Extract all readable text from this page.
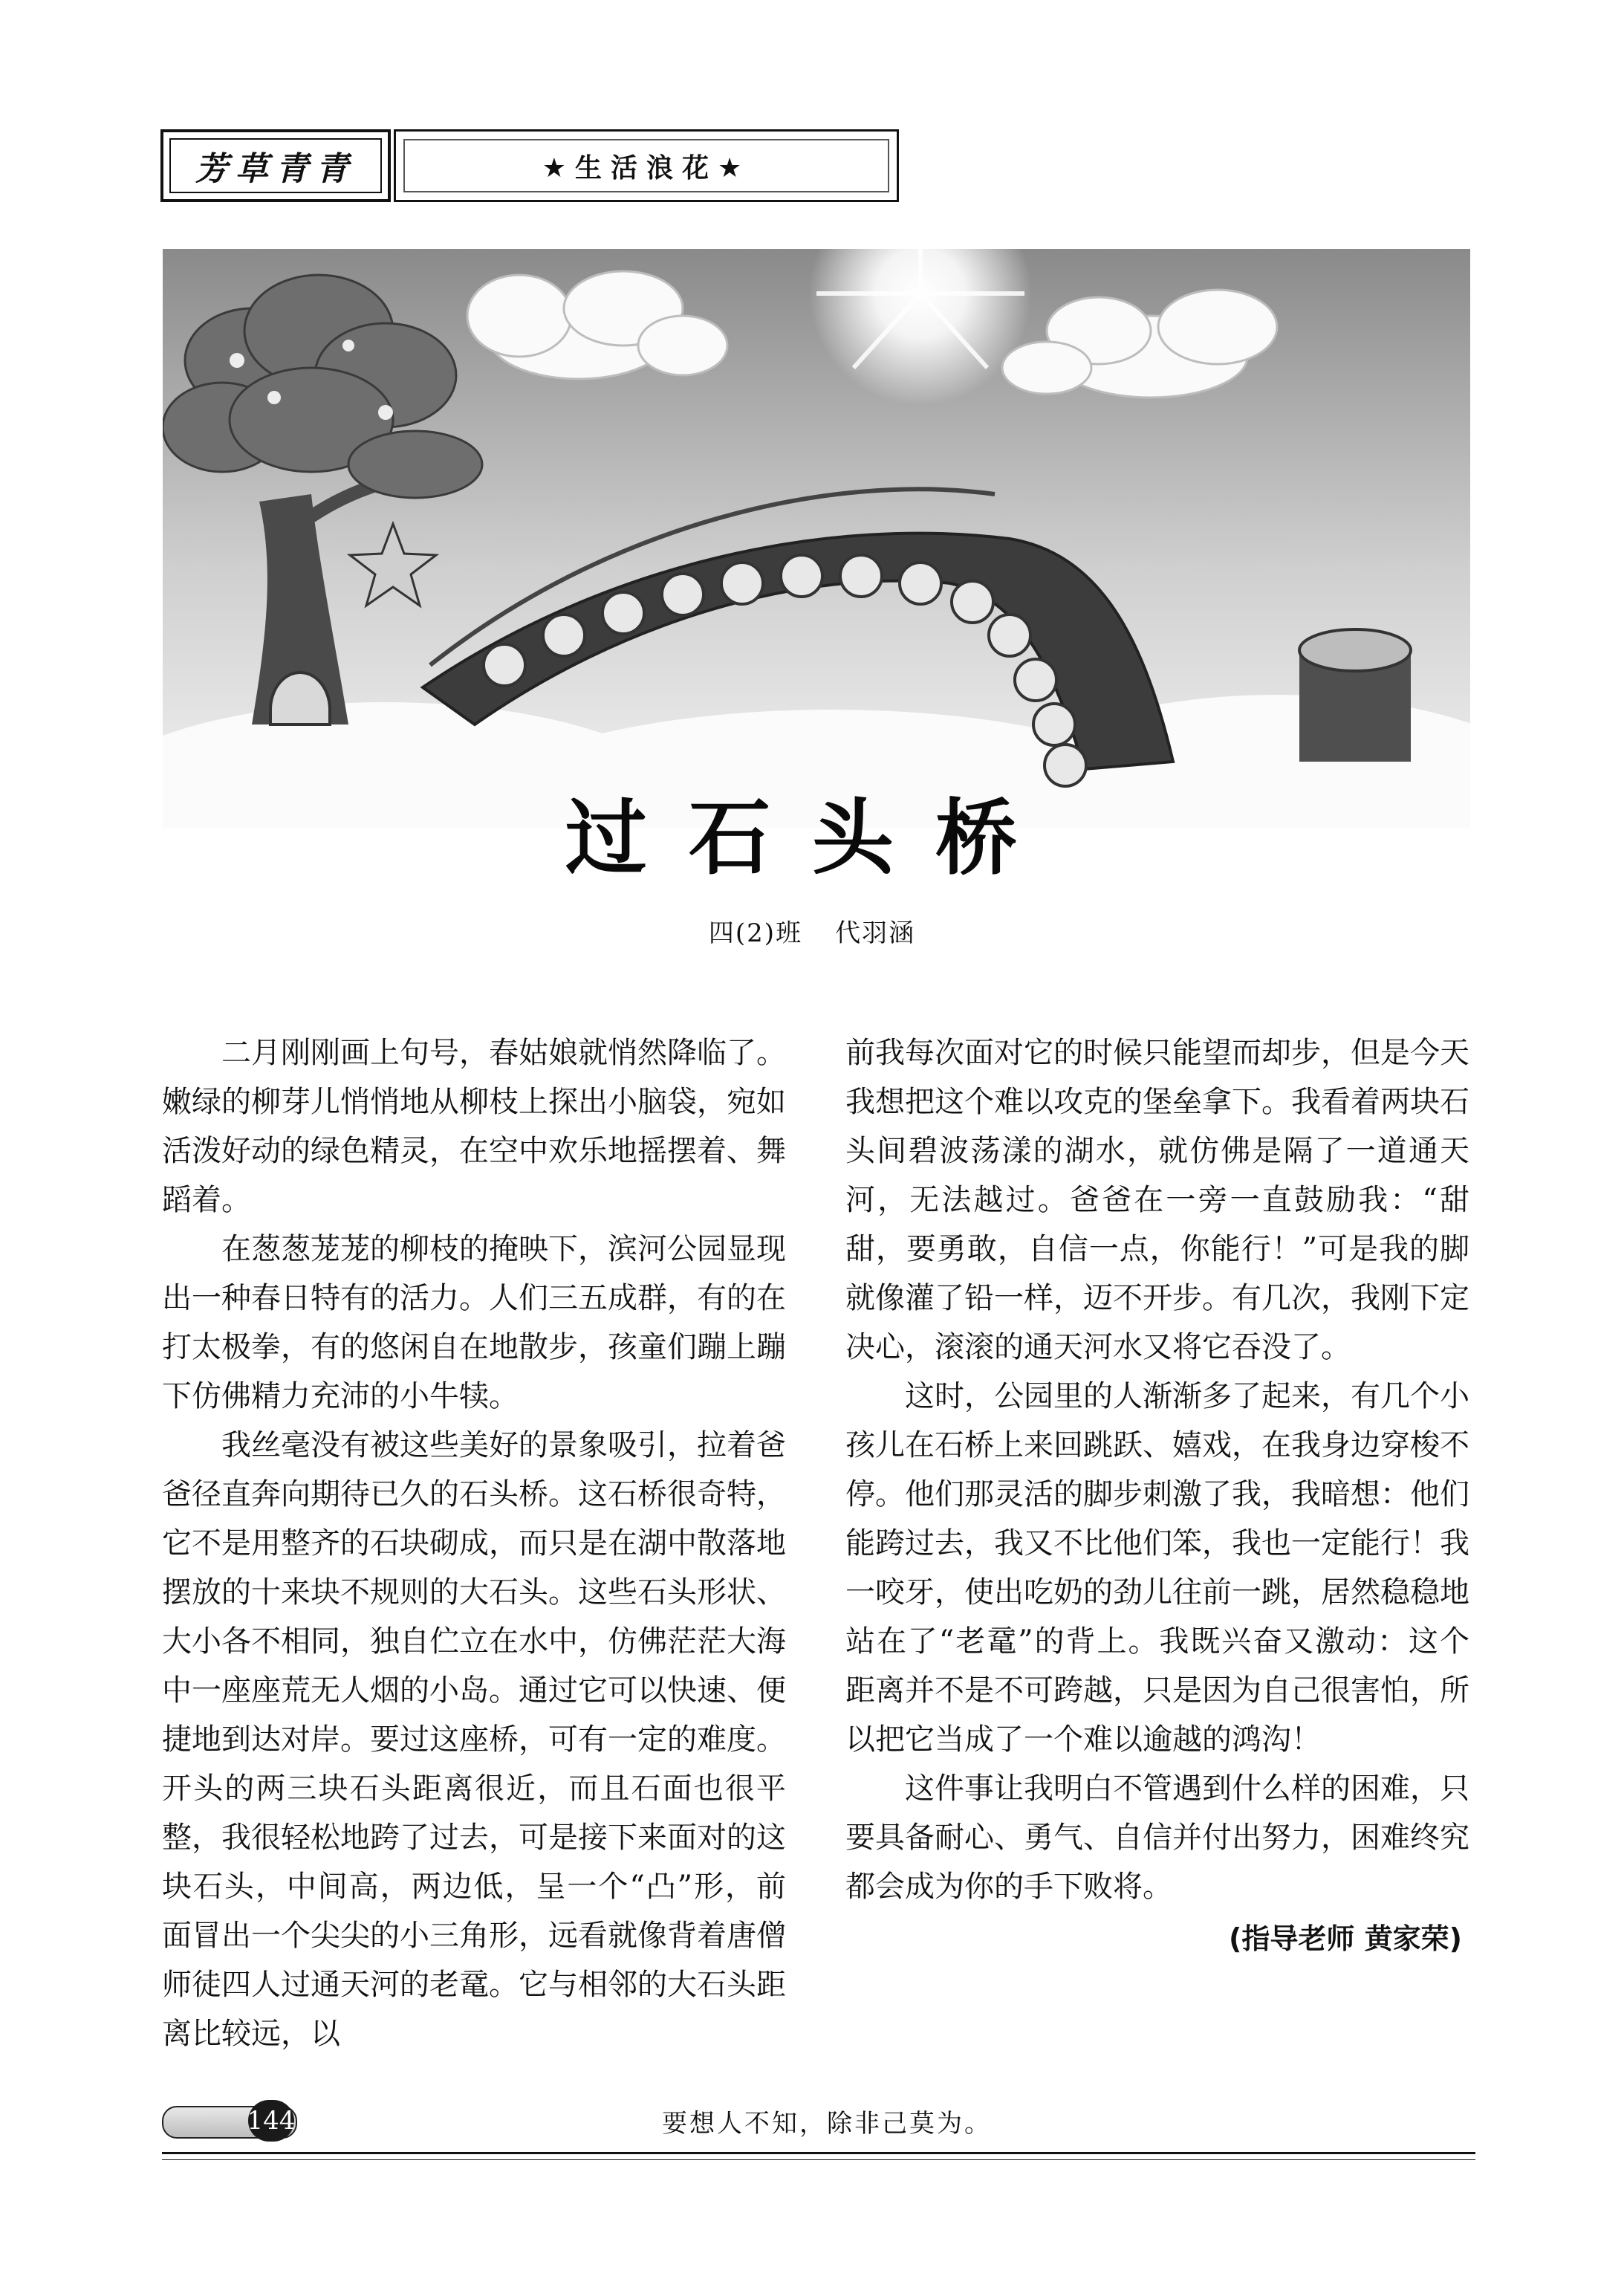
芳草青青	★生活浪花★
过石头桥
四(2)班 代羽涵

二月刚刚画上句号，春姑娘就悄然降临了。嫩绿的柳芽儿悄悄地从柳枝上探出小脑袋，宛如活泼好动的绿色精灵，在空中欢乐地摇摆着、舞蹈着。

在葱葱茏茏的柳枝的掩映下，滨河公园显现出一种春日特有的活力。人们三五成群，有的在打太极拳，有的悠闲自在地散步，孩童们蹦上蹦下仿佛精力充沛的小牛犊。

我丝毫没有被这些美好的景象吸引，拉着爸爸径直奔向期待已久的石头桥。这石桥很奇特，它不是用整齐的石块砌成，而只是在湖中散落地摆放的十来块不规则的大石头。这些石头形状、大小各不相同，独自伫立在水中，仿佛茫茫大海中一座座荒无人烟的小岛。通过它可以快速、便捷地到达对岸。要过这座桥，可有一定的难度。开头的两三块石头距离很近，而且石面也很平整，我很轻松地跨了过去，可是接下来面对的这块石头，中间高，两边低，呈一个“凸”形，前面冒出一个尖尖的小三角形，远看就像背着唐僧师徒四人过通天河的老鼋。它与相邻的大石头距离比较远，以

前我每次面对它的时候只能望而却步，但是今天我想把这个难以攻克的堡垒拿下。我看着两块石头间碧波荡漾的湖水，就仿佛是隔了一道通天河，无法越过。爸爸在一旁一直鼓励我：“甜甜，要勇敢，自信一点，你能行！”可是我的脚就像灌了铅一样，迈不开步。有几次，我刚下定决心，滚滚的通天河水又将它吞没了。

这时，公园里的人渐渐多了起来，有几个小孩儿在石桥上来回跳跃、嬉戏，在我身边穿梭不停。他们那灵活的脚步刺激了我，我暗想：他们能跨过去，我又不比他们笨，我也一定能行！我一咬牙，使出吃奶的劲儿往前一跳，居然稳稳地站在了“老鼋”的背上。我既兴奋又激动：这个距离并不是不可跨越，只是因为自己很害怕，所以把它当成了一个难以逾越的鸿沟！

这件事让我明白不管遇到什么样的困难，只要具备耐心、勇气、自信并付出努力，困难终究都会成为你的手下败将。

(指导老师 黄家荣)
144	要想人不知，除非己莫为。
